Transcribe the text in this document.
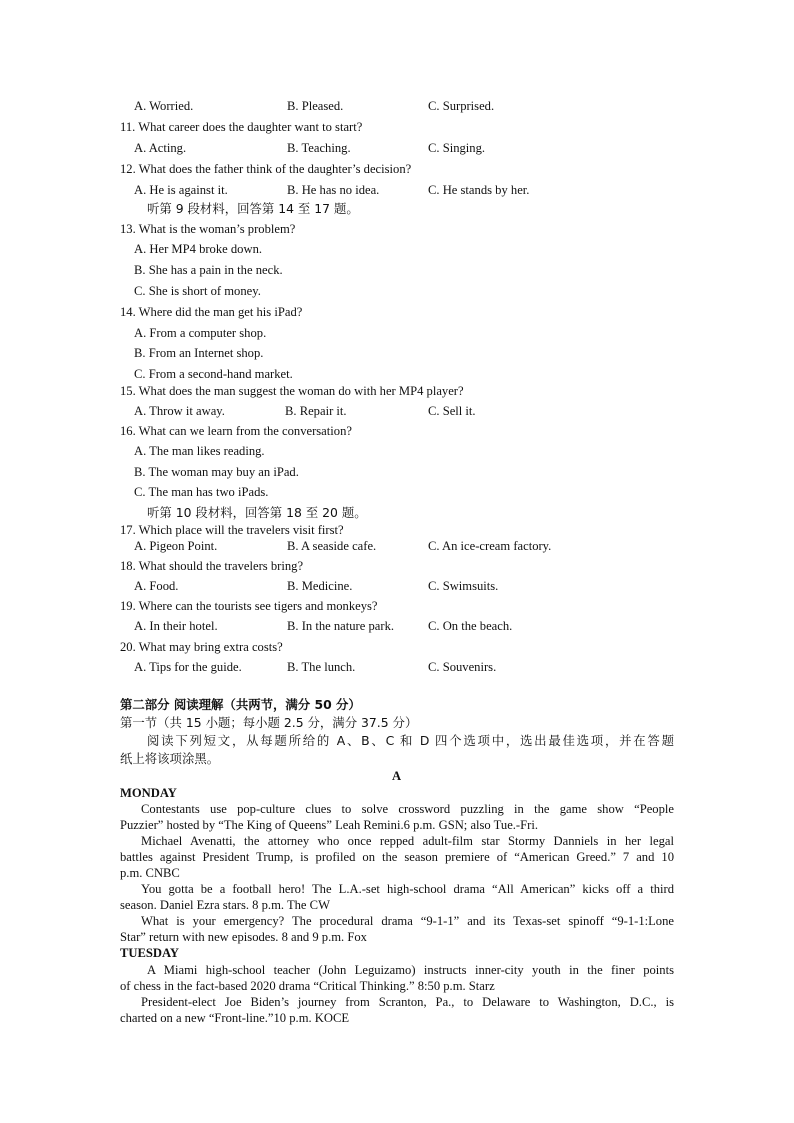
A. Worried.	B. Pleased.	C. Surprised.
11. What career does the daughter want to start?
A. Acting.	B. Teaching.	C. Singing.
12. What does the father think of the daughter’s decision?
A. He is against it.	B. He has no idea.	C. He stands by her.
听第 9 段材料，回答第 14 至 17 题。
13. What is the woman’s problem?
A. Her MP4 broke down.
B. She has a pain in the neck.
C. She is short of money.
14. Where did the man get his iPad?
A. From a computer shop.
B. From an Internet shop.
C. From a second-hand market.
15. What does the man suggest the woman do with her MP4 player?
A. Throw it away.	B. Repair it.	C. Sell it.
16. What can we learn from the conversation?
A. The man likes reading.
B. The woman may buy an iPad.
C. The man has two iPads.
听第 10 段材料，回答第 18 至 20 题。
17. Which place will the travelers visit first?
A. Pigeon Point.	B. A seaside cafe.	C. An ice-cream factory.
18. What should the travelers bring?
A. Food.	B. Medicine.	C. Swimsuits.
19. Where can the tourists see tigers and monkeys?
A. In their hotel.	B. In the nature park.	C. On the beach.
20. What may bring extra costs?
A. Tips for the guide.	B. The lunch.	C. Souvenirs.
第二部分 阅读理解（共两节，满分 50 分）
第一节（共 15 小题；每小题 2.5 分，满分 37.5 分）
阅读下列短文，从每题所给的 A、B、C 和 D 四个选项中，选出最佳选项，并在答题
纸上将该项涂黑。
A
MONDAY
Contestants use pop-culture clues to solve crossword puzzling in the game show “People
Puzzier” hosted by “The King of Queens” Leah Remini.6 p.m. GSN; also Tue.-Fri.
Michael Avenatti, the attorney who once repped adult-film star Stormy Danniels in her legal
battles against President Trump, is profiled on the season premiere of “American Greed.” 7 and 10
p.m. CNBC
You gotta be a football hero! The L.A.-set high-school drama “All American” kicks off a third
season. Daniel Ezra stars. 8 p.m. The CW
What is your emergency? The procedural drama “9-1-1” and its Texas-set spinoff “9-1-1:Lone
Star” return with new episodes. 8 and 9 p.m. Fox
TUESDAY
A Miami high-school teacher (John Leguizamo) instructs inner-city youth in the finer points
of chess in the fact-based 2020 drama “Critical Thinking.” 8:50 p.m. Starz
President-elect Joe Biden’s journey from Scranton, Pa., to Delaware to Washington, D.C., is
charted on a new “Front-line.”10 p.m. KOCE
